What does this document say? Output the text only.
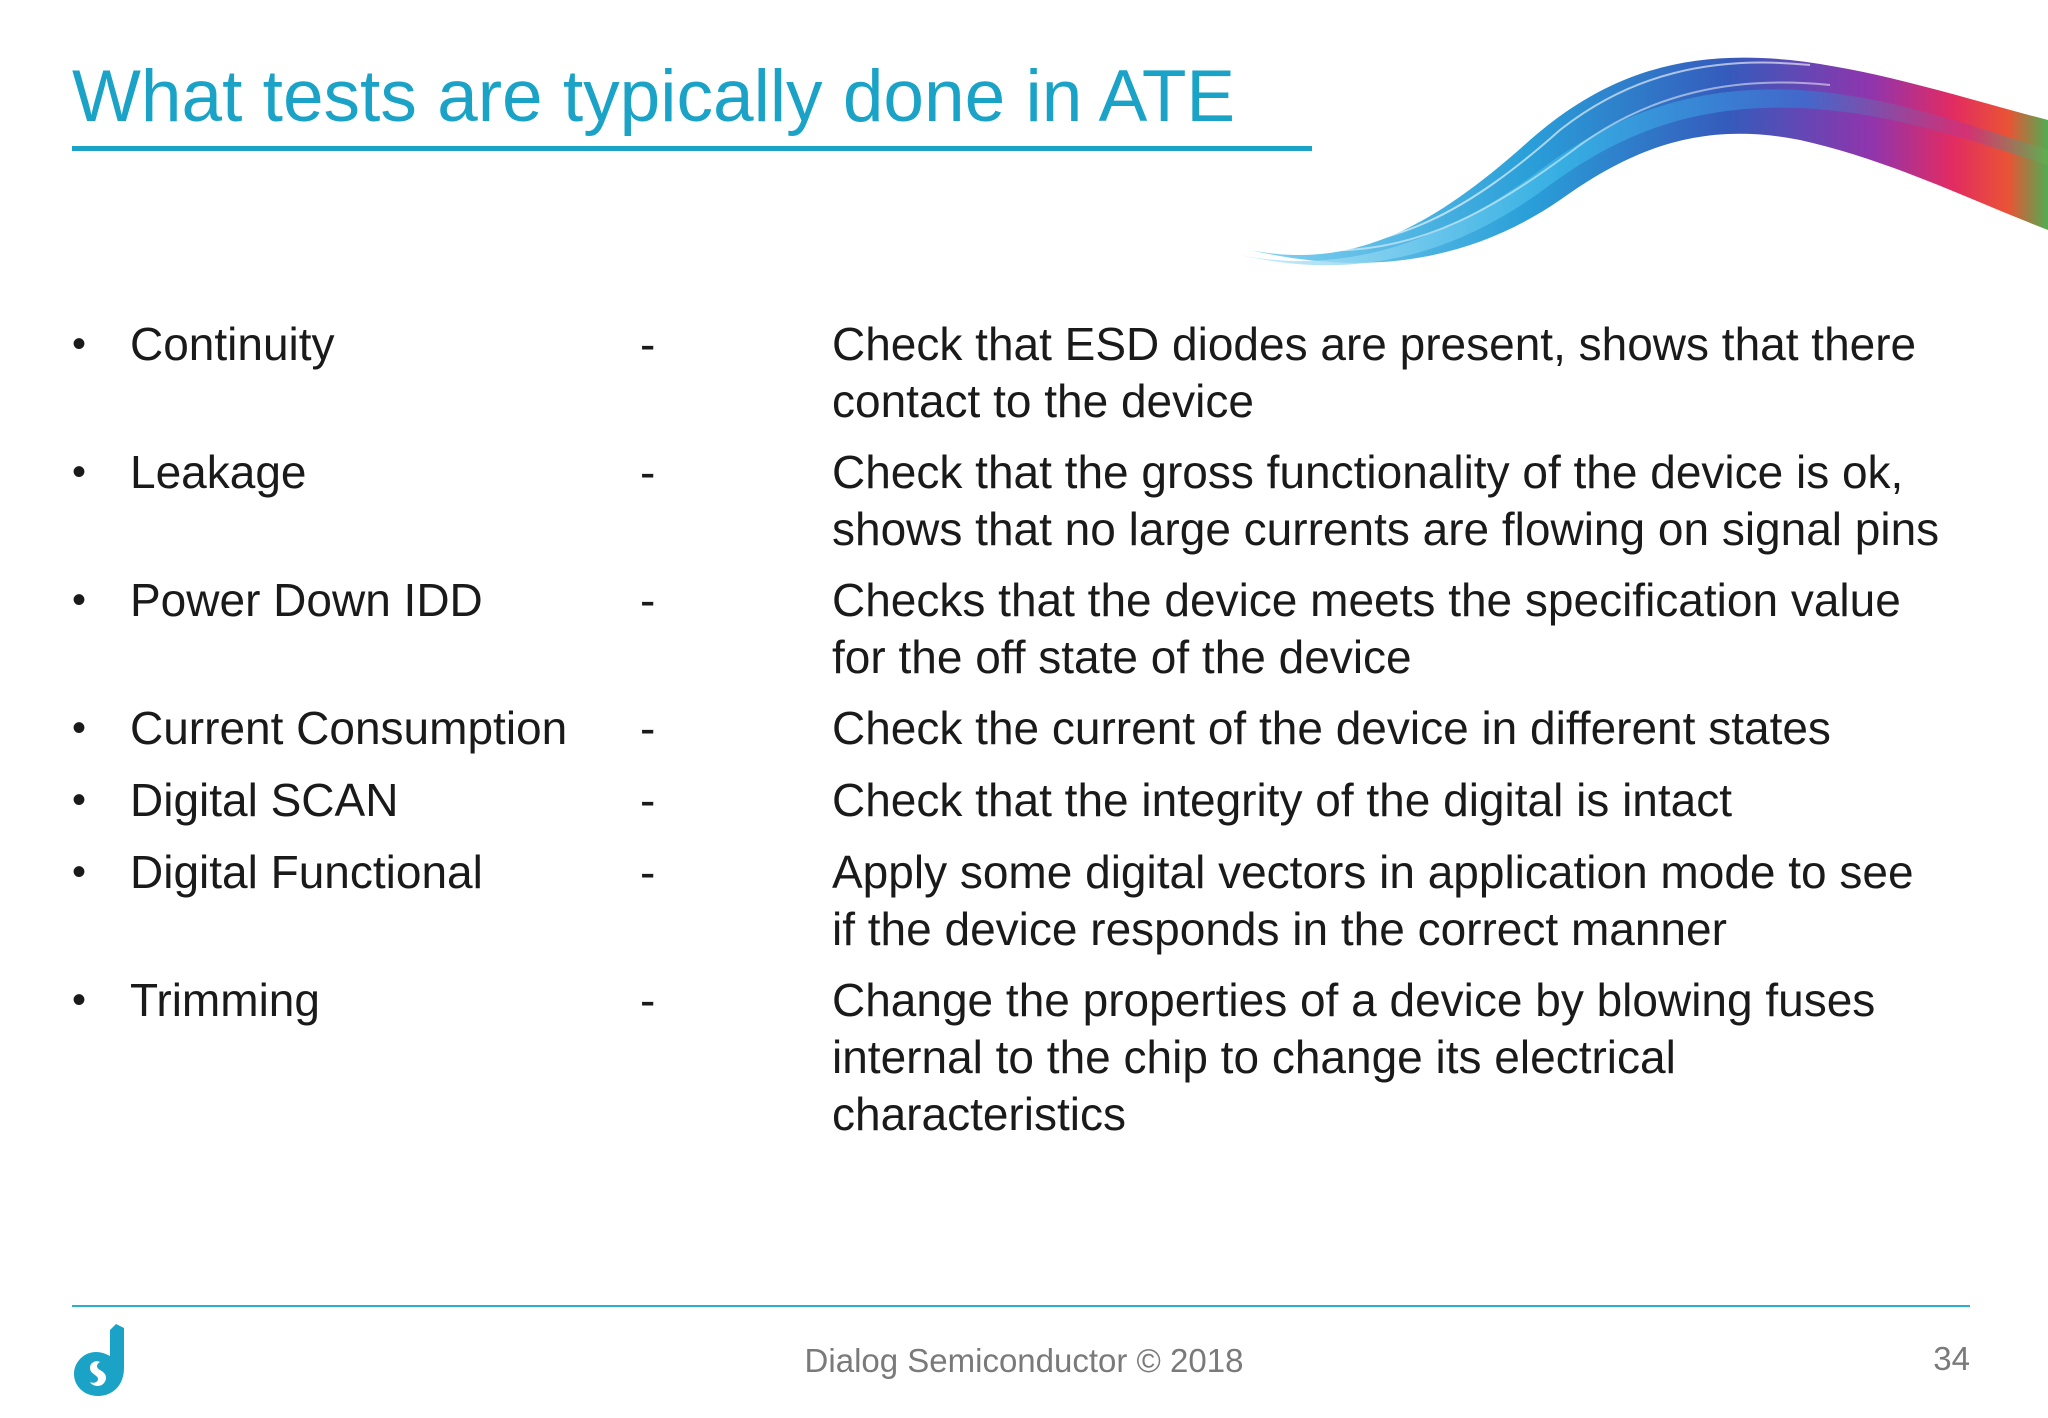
What tests are typically done in ATE
• Continuity	-	Check that ESD diodes are present, shows that there
contact to the device
• Leakage	-	Check that the gross functionality of the device is ok,
shows that no large currents are flowing on signal pins
• Power Down IDD	-	Checks that the device meets the specification value
for the off state of the device
• Current Consumption	-	Check the current of the device in different states
• Digital SCAN	-	Check that the integrity of the digital is intact
• Digital Functional	-	Apply some digital vectors in application mode to see
if the device responds in the correct manner
• Trimming	-	Change the properties of a device by blowing fuses
internal to the chip to change its electrical
characteristics
Dialog Semiconductor © 2018	34
